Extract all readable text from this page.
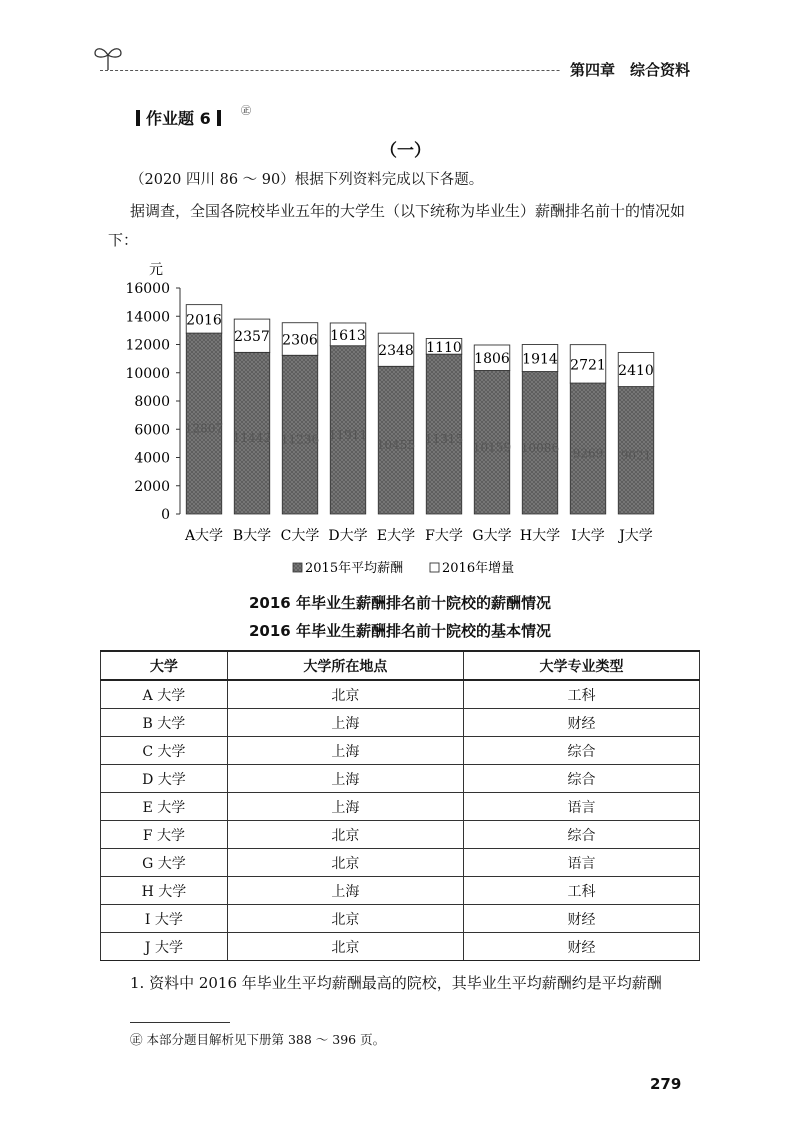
第四章　综合资料
作业题 6	㊣
（一）
（2020 四川 86 ～ 90）根据下列资料完成以下各题。
据调查，全国各院校毕业五年的大学生（以下统称为毕业生）薪酬排名前十的情况如下：
元
0
2000
4000
6000
8000
10000
12000
14000
16000
12807
2016
A大学
11442
2357
B大学
11236
2306
C大学
11911
1613
D大学
10455
2348
E大学
11315
1110
F大学
10159
1806
G大学
10086
1914
H大学
9269
2721
I大学
9021
2410
J大学
2015年平均薪酬	2016年增量
2016 年毕业生薪酬排名前十院校的薪酬情况
2016 年毕业生薪酬排名前十院校的基本情况
大学	大学所在地点	大学专业类型
A 大学	北京	工科
B 大学	上海	财经
C 大学	上海	综合
D 大学	上海	综合
E 大学	上海	语言
F 大学	北京	综合
G 大学	北京	语言
H 大学	上海	工科
I 大学	北京	财经
J 大学	北京	财经
1. 资料中 2016 年毕业生平均薪酬最高的院校，其毕业生平均薪酬约是平均薪酬
㊣ 本部分题目解析见下册第 388 ～ 396 页。
279
